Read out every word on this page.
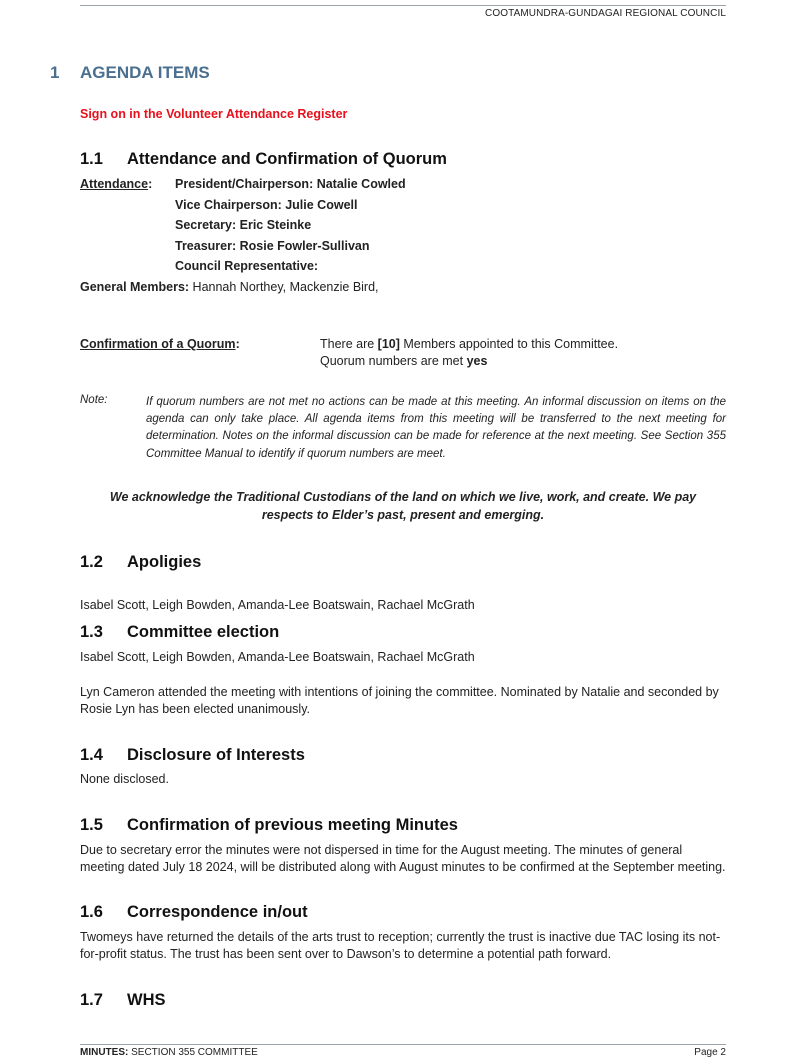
COOTAMUNDRA-GUNDAGAI REGIONAL COUNCIL
1 AGENDA ITEMS
Sign on in the Volunteer Attendance Register
1.1 Attendance and Confirmation of Quorum
Attendance: President/Chairperson: Natalie Cowled
Vice Chairperson: Julie Cowell
Secretary: Eric Steinke
Treasurer: Rosie Fowler-Sullivan
Council Representative:
General Members: Hannah Northey, Mackenzie Bird,
Confirmation of a Quorum:	There are [10] Members appointed to this Committee.
Quorum numbers are met yes
Note:	If quorum numbers are not met no actions can be made at this meeting. An informal discussion on items on the agenda can only take place. All agenda items from this meeting will be transferred to the next meeting for determination. Notes on the informal discussion can be made for reference at the next meeting. See Section 355 Committee Manual to identify if quorum numbers are meet.
We acknowledge the Traditional Custodians of the land on which we live, work, and create. We pay respects to Elder’s past, present and emerging.
1.2 Apoligies
Isabel Scott, Leigh Bowden, Amanda-Lee Boatswain, Rachael McGrath
1.3 Committee election
Isabel Scott, Leigh Bowden, Amanda-Lee Boatswain, Rachael McGrath
Lyn Cameron attended the meeting with intentions of joining the committee. Nominated by Natalie and seconded by Rosie Lyn has been elected unanimously.
1.4 Disclosure of Interests
None disclosed.
1.5 Confirmation of previous meeting Minutes
Due to secretary error the minutes were not dispersed in time for the August meeting. The minutes of general meeting dated July 18 2024, will be distributed along with August minutes to be confirmed at the September meeting.
1.6 Correspondence in/out
Twomeys have returned the details of the arts trust to reception; currently the trust is inactive due TAC losing its not-for-profit status. The trust has been sent over to Dawson’s to determine a potential path forward.
1.7 WHS
MINUTES: SECTION 355 COMMITTEE	Page 2
